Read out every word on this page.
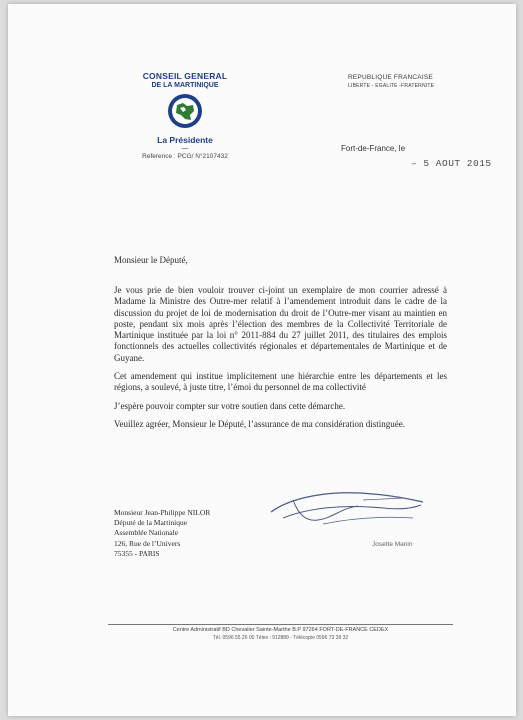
CONSEIL GENERAL
DE LA MARTINIQUE
La Présidente
—
Reference : PCG/ N°2107432
REPUBLIQUE FRANCAISE
LIBERTE - EGALITE -FRATERNITE
Fort-de-France, le
– 5 AOUT 2015
Monsieur le Député,

Je vous prie de bien vouloir trouver ci-joint un exemplaire de mon courrier adressé à Madame la Ministre des Outre-mer relatif à l’amendement introduit dans le cadre de la discussion du projet de loi de modernisation du droit de l’Outre-mer visant au maintien en poste, pendant six mois après l’élection des membres de la Collectivité Territoriale de Martinique instituée par la loi n° 2011-884 du 27 juillet 2011, des titulaires des emplois fonctionnels des actuelles collectivités régionales et départementales de Martinique et de Guyane.

Cet amendement qui institue implicitement une hiérarchie entre les départements et les régions, a soulevé, à juste titre, l’émoi du personnel de ma collectivité

J’espère pouvoir compter sur votre soutien dans cette démarche.

Veuillez agréer, Monsieur le Député, l’assurance de ma considération distinguée.

Josette Manin
Monsieur Jean-Philippe NILOR
Député de la Martinique
Assemblée Nationale
126, Rue de l’Univers
75355 - PARIS
Centre Administratif BD Chevalier Sainte-Marthe B.P 97264 FORT-DE-FRANCE CEDEX
Tél. 0596 55 26 00 Télex : 912889 - Télécopie 0596 73 39 32
